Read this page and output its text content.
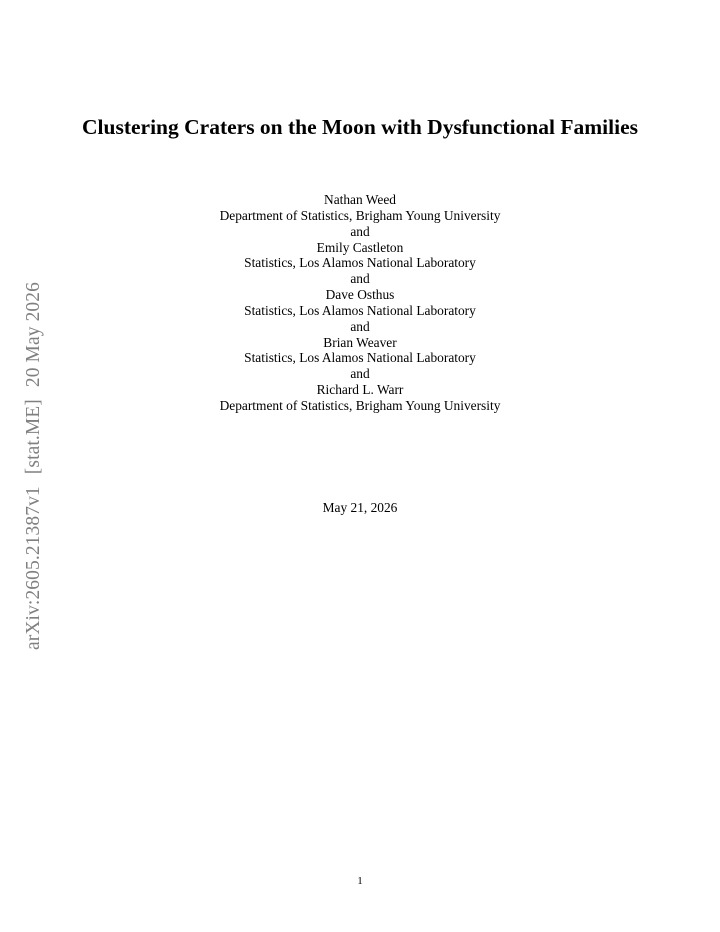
arXiv:2605.21387v1[stat.ME]20 May 2026
Clustering Craters on the Moon with Dysfunctional Families
Nathan Weed
Department of Statistics, Brigham Young University
and
Emily Castleton
Statistics, Los Alamos National Laboratory
and
Dave Osthus
Statistics, Los Alamos National Laboratory
and
Brian Weaver
Statistics, Los Alamos National Laboratory
and
Richard L. Warr
Department of Statistics, Brigham Young University
May 21, 2026
1
